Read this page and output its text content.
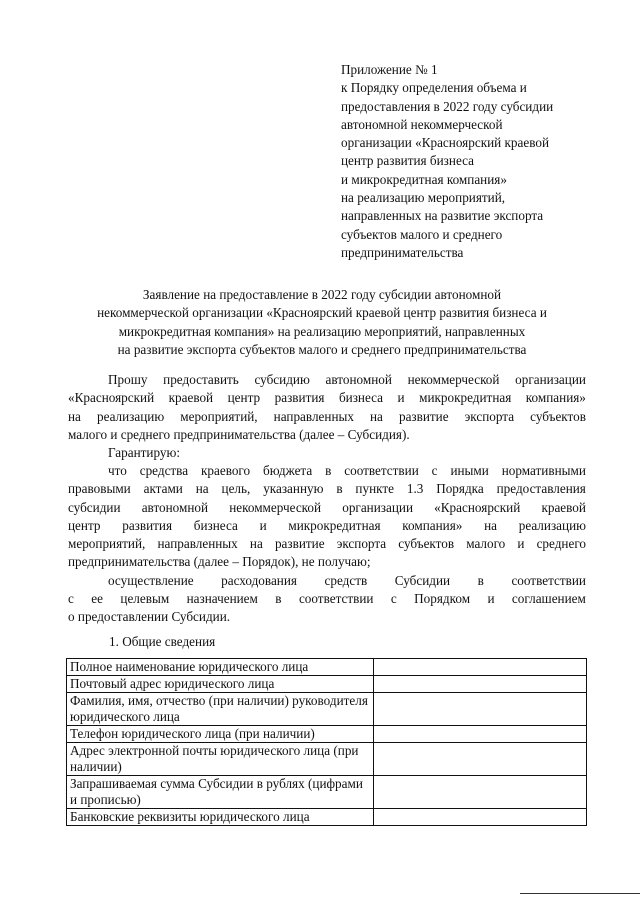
Приложение № 1
к Порядку определения объема и
предоставления в 2022 году субсидии
автономной некоммерческой
организации «Красноярский краевой
центр развития бизнеса
и микрокредитная компания»
на реализацию мероприятий,
направленных на развитие экспорта
субъектов малого и среднего
предпринимательства
Заявление на предоставление в 2022 году субсидии автономной
некоммерческой организации «Красноярский краевой центр развития бизнеса и
микрокредитная компания» на реализацию мероприятий, направленных
на развитие экспорта субъектов малого и среднего предпринимательства
Прошу предоставить субсидию автономной некоммерческой организации
«Красноярский краевой центр развития бизнеса и микрокредитная компания»
на реализацию мероприятий, направленных на развитие экспорта субъектов
малого и среднего предпринимательства (далее – Субсидия).
Гарантирую:
что средства краевого бюджета в соответствии с иными нормативными
правовыми актами на цель, указанную в пункте 1.3 Порядка предоставления
субсидии автономной некоммерческой организации «Красноярский краевой
центр развития бизнеса и микрокредитная компания» на реализацию
мероприятий, направленных на развитие экспорта субъектов малого и среднего
предпринимательства (далее – Порядок), не получаю;
осуществление расходования средств Субсидии в соответствии
с ее целевым назначением в соответствии с Порядком и соглашением
о предоставлении Субсидии.
1. Общие сведения
Полное наименование юридического лица	
Почтовый адрес юридического лица	
Фамилия, имя, отчество (при наличии) руководителя юридического лица	
Телефон юридического лица (при наличии)	
Адрес электронной почты юридического лица (при наличии)	
Запрашиваемая сумма Субсидии в рублях (цифрами и прописью)	
Банковские реквизиты юридического лица	
